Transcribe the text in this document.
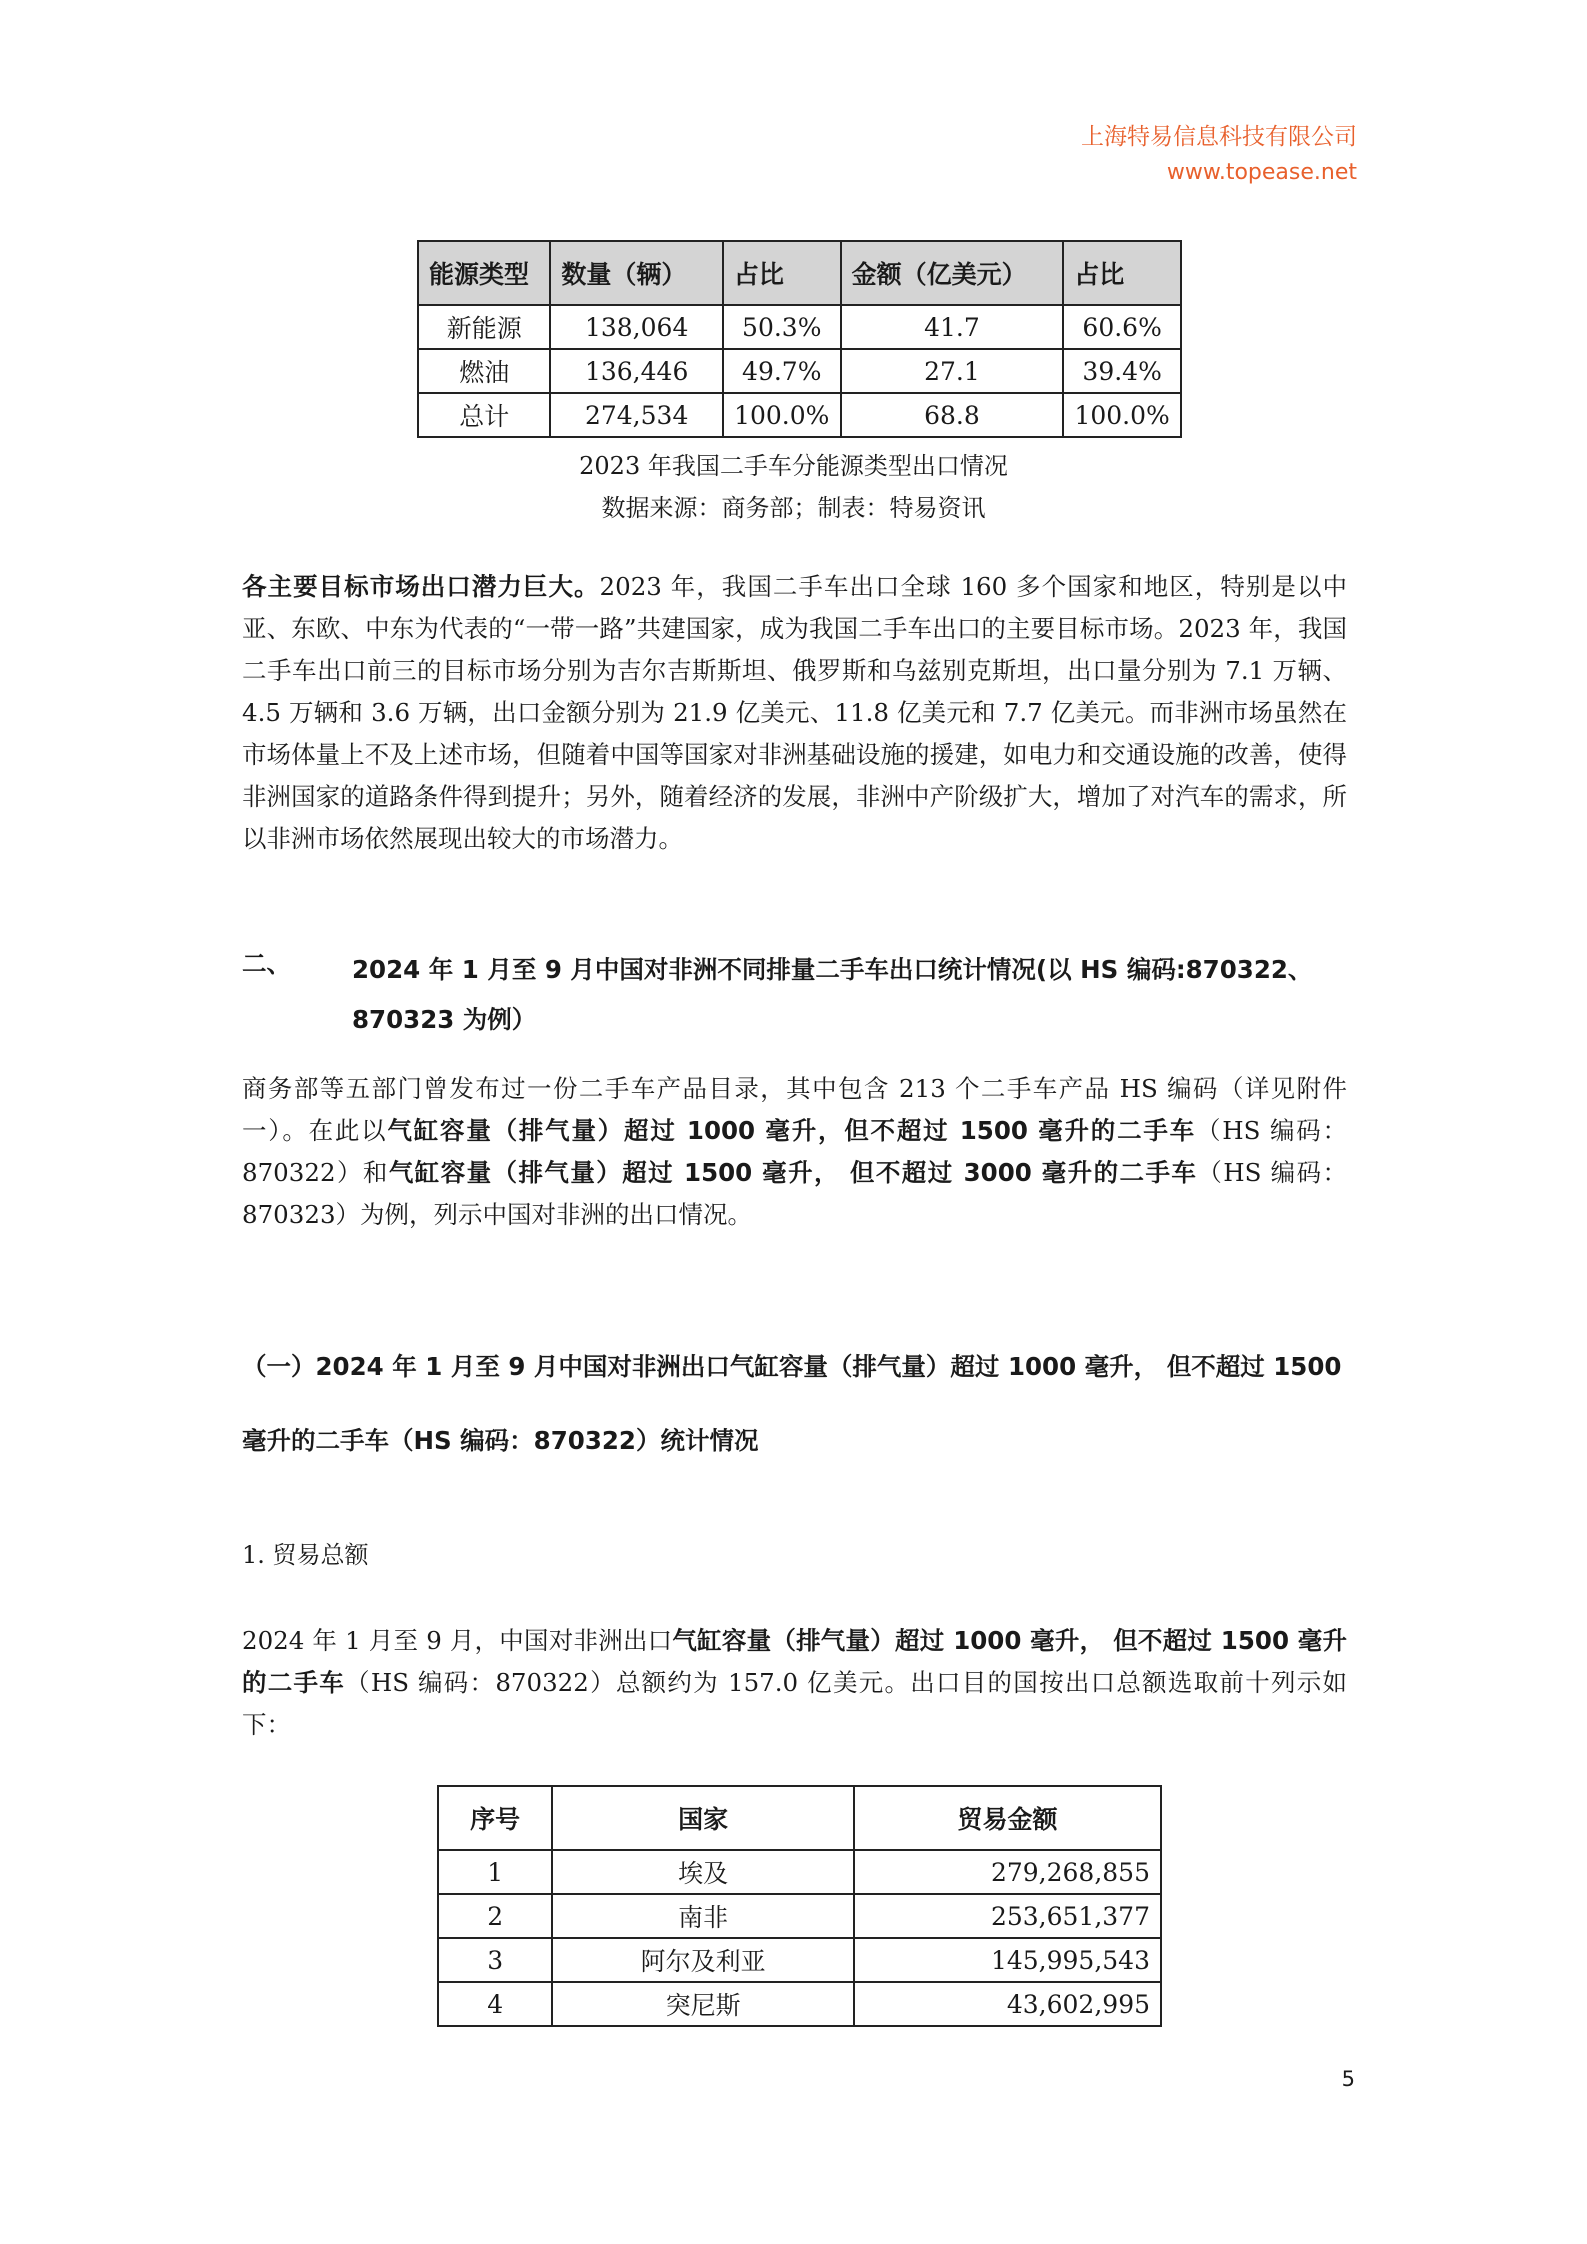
上海特易信息科技有限公司
www.topease.net
能源类型	数量（辆）	占比	金额（亿美元）	占比
新能源	138,064	50.3%	41.7	60.6%
燃油	136,446	49.7%	27.1	39.4%
总计	274,534	100.0%	68.8	100.0%
2023 年我国二手车分能源类型出口情况
数据来源：商务部；制表：特易资讯
各主要目标市场出口潜力巨大。2023 年，我国二手车出口全球 160 多个国家和地区，特别是以中亚、东欧、中东为代表的“一带一路”共建国家，成为我国二手车出口的主要目标市场。2023 年，我国二手车出口前三的目标市场分别为吉尔吉斯斯坦、俄罗斯和乌兹别克斯坦，出口量分别为 7.1 万辆、4.5 万辆和 3.6 万辆，出口金额分别为 21.9 亿美元、11.8 亿美元和 7.7 亿美元。而非洲市场虽然在市场体量上不及上述市场，但随着中国等国家对非洲基础设施的援建，如电力和交通设施的改善，使得非洲国家的道路条件得到提升；另外，随着经济的发展，非洲中产阶级扩大，增加了对汽车的需求，所以非洲市场依然展现出较大的市场潜力。
二、	2024 年 1 月至 9 月中国对非洲不同排量二手车出口统计情况(以 HS 编码:870322、870323 为例）
商务部等五部门曾发布过一份二手车产品目录，其中包含 213 个二手车产品 HS 编码（详见附件一）。在此以气缸容量（排气量）超过 1000 毫升，但不超过 1500 毫升的二手车（HS 编码：870322）和气缸容量（排气量）超过 1500 毫升， 但不超过 3000 毫升的二手车（HS 编码：870323）为例，列示中国对非洲的出口情况。
（一）2024 年 1 月至 9 月中国对非洲出口气缸容量（排气量）超过 1000 毫升， 但不超过 1500 毫升的二手车（HS 编码：870322）统计情况
1. 贸易总额
2024 年 1 月至 9 月，中国对非洲出口气缸容量（排气量）超过 1000 毫升， 但不超过 1500 毫升的二手车（HS 编码：870322）总额约为 157.0 亿美元。出口目的国按出口总额选取前十列示如下：
序号	国家	贸易金额
1	埃及	279,268,855
2	南非	253,651,377
3	阿尔及利亚	145,995,543
4	突尼斯	43,602,995
5
